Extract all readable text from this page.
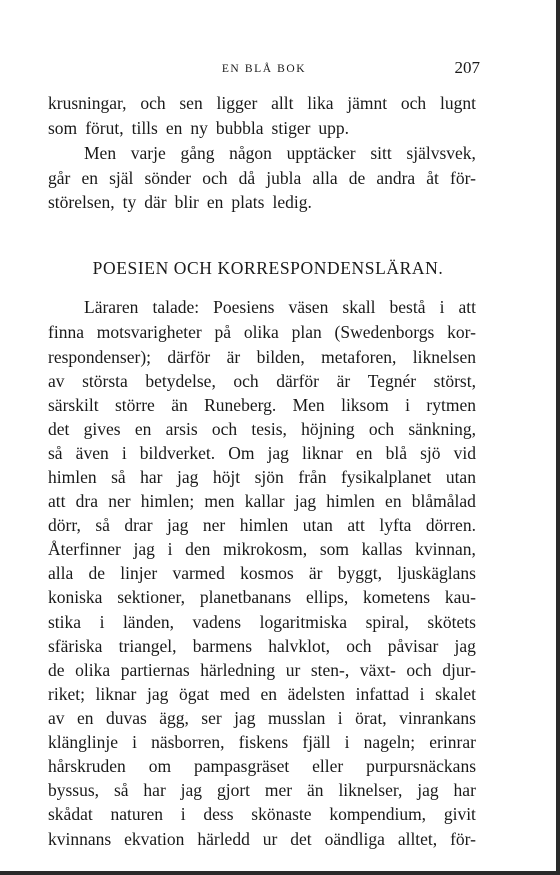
EN BLÅ BOK	207
POESIEN OCH KORRESPONDENSLÄRAN.
krusningar, och sen ligger allt lika jämnt och lugnt
som förut, tills en ny bubbla stiger upp.
Men varje gång någon upptäcker sitt självsvek,
går en själ sönder och då jubla alla de andra åt för-
störelsen, ty där blir en plats ledig.
Läraren talade: Poesiens väsen skall bestå i att
finna motsvarigheter på olika plan (Swedenborgs kor-
respondenser); därför är bilden, metaforen, liknelsen
av största betydelse, och därför är Tegnér störst,
särskilt större än Runeberg. Men liksom i rytmen
det gives en arsis och tesis, höjning och sänkning,
så även i bildverket. Om jag liknar en blå sjö vid
himlen så har jag höjt sjön från fysikalplanet utan
att dra ner himlen; men kallar jag himlen en blåmålad
dörr, så drar jag ner himlen utan att lyfta dörren.
Återfinner jag i den mikrokosm, som kallas kvinnan,
alla de linjer varmed kosmos är byggt, ljuskäglans
koniska sektioner, planetbanans ellips, kometens kau-
stika i länden, vadens logaritmiska spiral, skötets
sfäriska triangel, barmens halvklot, och påvisar jag
de olika partiernas härledning ur sten-, växt- och djur-
riket; liknar jag ögat med en ädelsten infattad i skalet
av en duvas ägg, ser jag musslan i örat, vinrankans
klänglinje i näsborren, fiskens fjäll i nageln; erinrar
hårskruden om pampasgräset eller purpursnäckans
byssus, så har jag gjort mer än liknelser, jag har
skådat naturen i dess skönaste kompendium, givit
kvinnans ekvation härledd ur det oändliga alltet, för-
